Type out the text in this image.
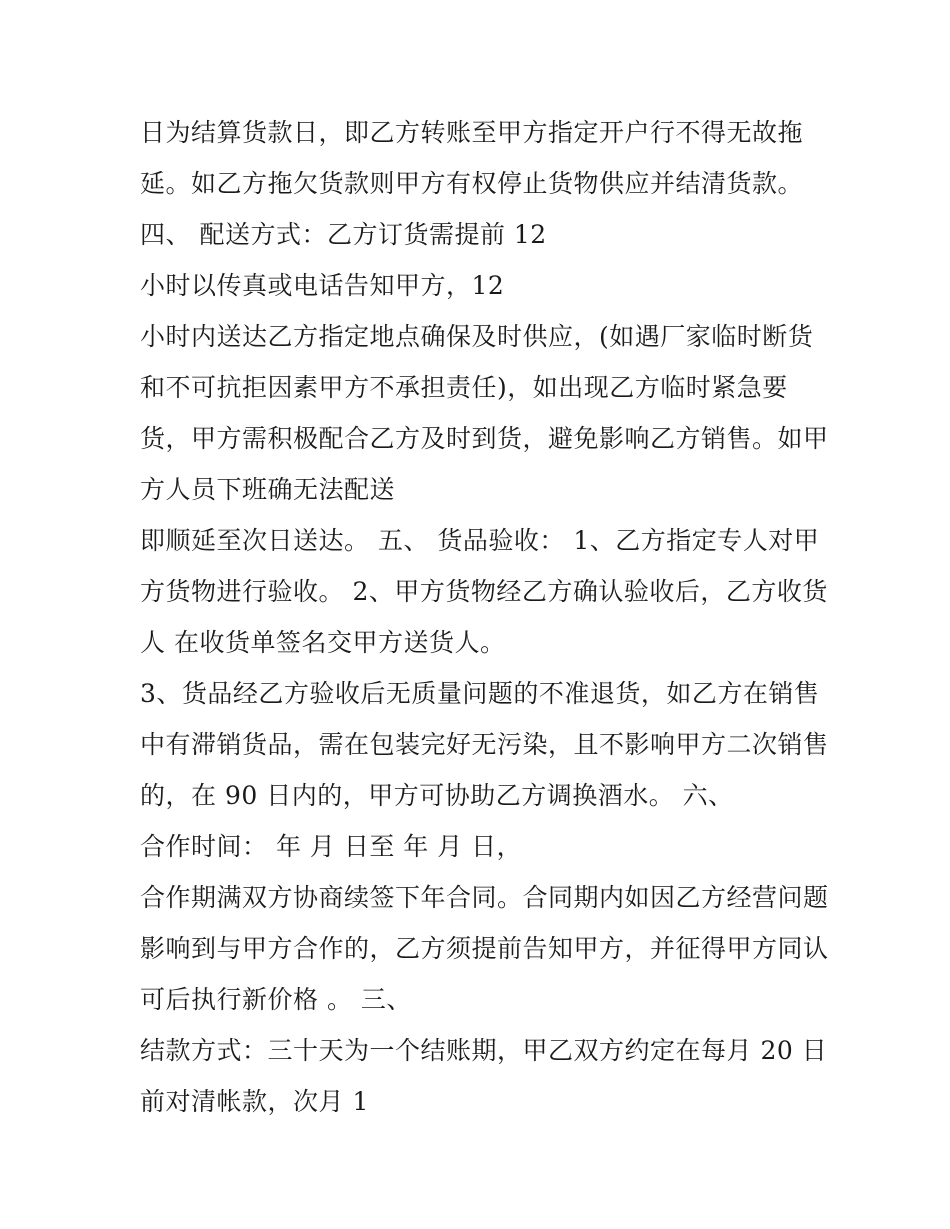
日为结算货款日，即乙方转账至甲方指定开户行不得无故拖
延。如乙方拖欠货款则甲方有权停止货物供应并结清货款。
四、 配送方式：乙方订货需提前 12
小时以传真或电话告知甲方，12
小时内送达乙方指定地点确保及时供应，(如遇厂家临时断货
和不可抗拒因素甲方不承担责任)，如出现乙方临时紧急要
货，甲方需积极配合乙方及时到货，避免影响乙方销售。如甲
方人员下班确无法配送
即顺延至次日送达。 五、 货品验收： 1、乙方指定专人对甲
方货物进行验收。 2、甲方货物经乙方确认验收后，乙方收货
人 在收货单签名交甲方送货人。
3、货品经乙方验收后无质量问题的不准退货，如乙方在销售
中有滞销货品，需在包装完好无污染，且不影响甲方二次销售
的，在 90 日内的，甲方可协助乙方调换酒水。 六、
合作时间： 年 月 日至 年 月 日，
合作期满双方协商续签下年合同。合同期内如因乙方经营问题
影响到与甲方合作的，乙方须提前告知甲方，并征得甲方同认
可后执行新价格 。 三、
结款方式：三十天为一个结账期，甲乙双方约定在每月 20 日
前对清帐款，次月 1
